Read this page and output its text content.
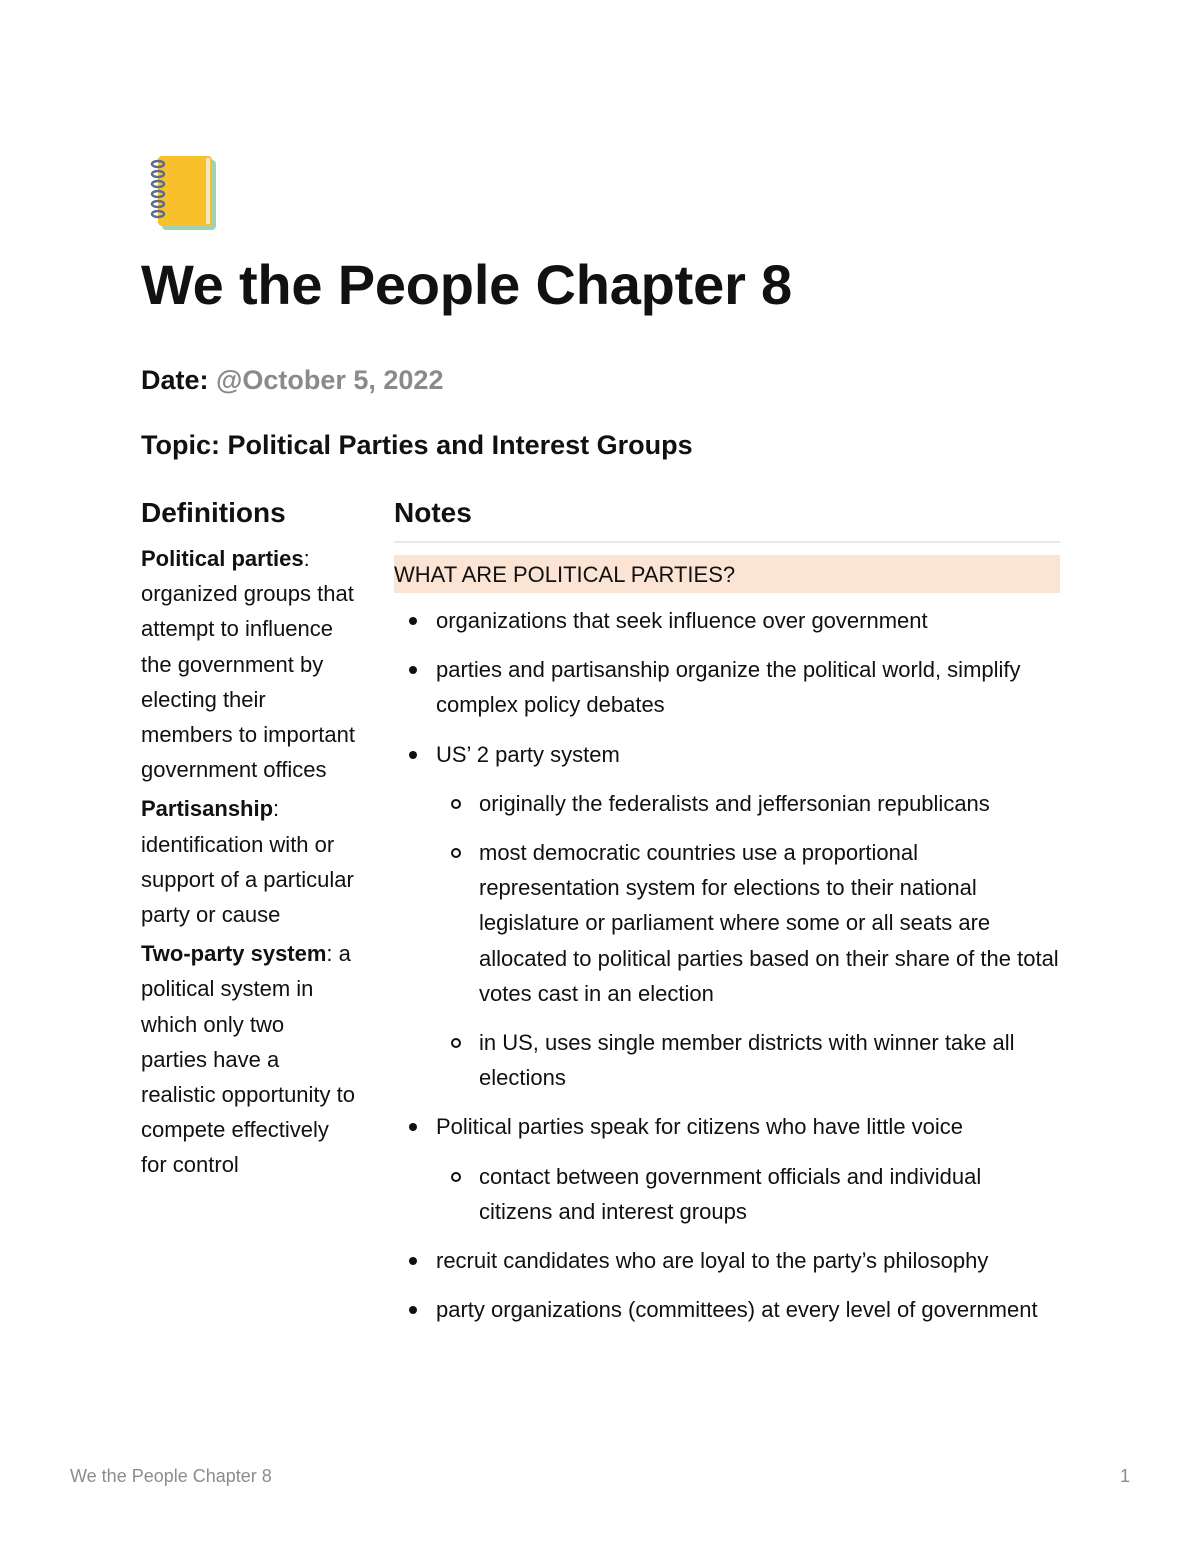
We the People Chapter 8
Date: @October 5, 2022
Topic: Political Parties and Interest Groups
Definitions
Political parties: organized groups that attempt to influence the government by electing their members to important government offices
Partisanship: identification with or support of a particular party or cause
Two-party system: a political system in which only two parties have a realistic opportunity to compete effectively for control
Notes
WHAT ARE POLITICAL PARTIES?
organizations that seek influence over government
parties and partisanship organize the political world, simplify complex policy debates
US’ 2 party system
originally the federalists and jeffersonian republicans
most democratic countries use a proportional representation system for elections to their national legislature or parliament where some or all seats are allocated to political parties based on their share of the total votes cast in an election
in US, uses single member districts with winner take all elections
Political parties speak for citizens who have little voice
contact between government officials and individual citizens and interest groups
recruit candidates who are loyal to the party’s philosophy
party organizations (committees) at every level of government
We the People Chapter 8	1
